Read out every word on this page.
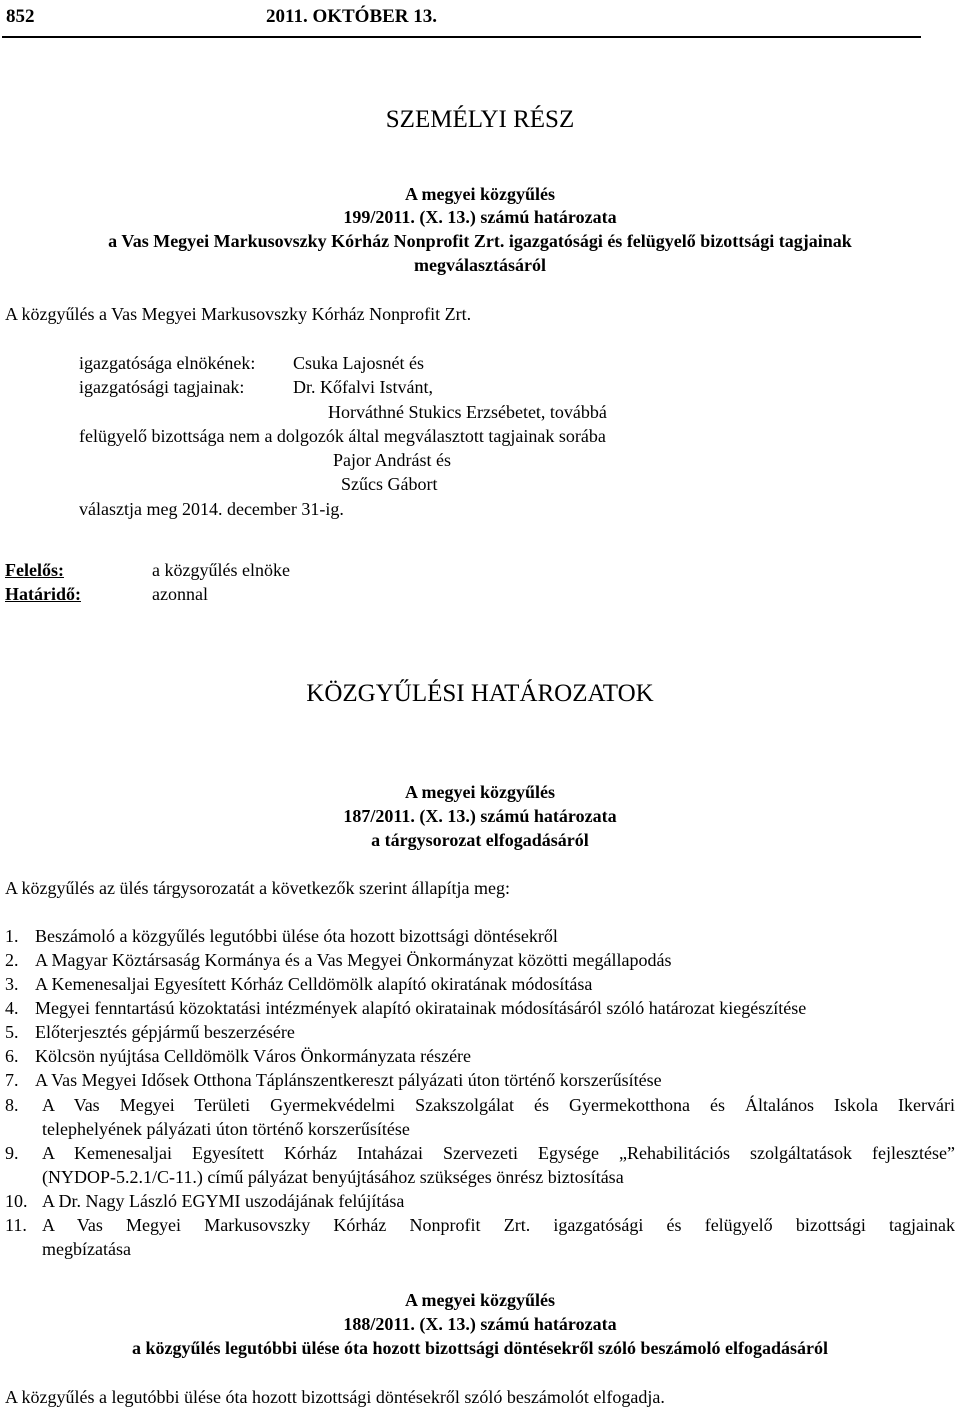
852	2011. OKTÓBER 13.
SZEMÉLYI RÉSZ
A megyei közgyűlés
199/2011. (X. 13.) számú határozata
a Vas Megyei Markusovszky Kórház Nonprofit Zrt. igazgatósági és felügyelő bizottsági tagjainak
megválasztásáról
A közgyűlés a Vas Megyei Markusovszky Kórház Nonprofit Zrt.
igazgatósága elnökének: Csuka Lajosnét és
igazgatósági tagjainak:	Dr. Kőfalvi Istvánt,
Horváthné Stukics Erzsébetet, továbbá
felügyelő bizottsága nem a dolgozók által megválasztott tagjainak sorába
Pajor Andrást és
Szűcs Gábort
választja meg 2014. december 31-ig.
Felelős:	a közgyűlés elnöke
Határidő:	azonnal
KÖZGYŰLÉSI HATÁROZATOK
A megyei közgyűlés
187/2011. (X. 13.) számú határozata
a tárgysorozat elfogadásáról
A közgyűlés az ülés tárgysorozatát a következők szerint állapítja meg:
1. Beszámoló a közgyűlés legutóbbi ülése óta hozott bizottsági döntésekről
2. A Magyar Köztársaság Kormánya és a Vas Megyei Önkormányzat közötti megállapodás
3. A Kemenesaljai Egyesített Kórház Celldömölk alapító okiratának módosítása
4. Megyei fenntartású közoktatási intézmények alapító okiratainak módosításáról szóló határozat kiegészítése
5. Előterjesztés gépjármű beszerzésére
6. Kölcsön nyújtása Celldömölk Város Önkormányzata részére
7. A Vas Megyei Idősek Otthona Táplánszentkereszt pályázati úton történő korszerűsítése
8. A Vas Megyei Területi Gyermekvédelmi Szakszolgálat és Gyermekotthona és Általános Iskola Ikervári
telephelyének pályázati úton történő korszerűsítése
9. A Kemenesaljai Egyesített Kórház Intaházai Szervezeti Egysége „Rehabilitációs szolgáltatások fejlesztése”
(NYDOP-5.2.1/C-11.) című pályázat benyújtásához szükséges önrész biztosítása
10. A Dr. Nagy László EGYMI uszodájának felújítása
11. A Vas Megyei Markusovszky Kórház Nonprofit Zrt. igazgatósági és felügyelő bizottsági tagjainak
megbízatása
A megyei közgyűlés
188/2011. (X. 13.) számú határozata
a közgyűlés legutóbbi ülése óta hozott bizottsági döntésekről szóló beszámoló elfogadásáról
A közgyűlés a legutóbbi ülése óta hozott bizottsági döntésekről szóló beszámolót elfogadja.
